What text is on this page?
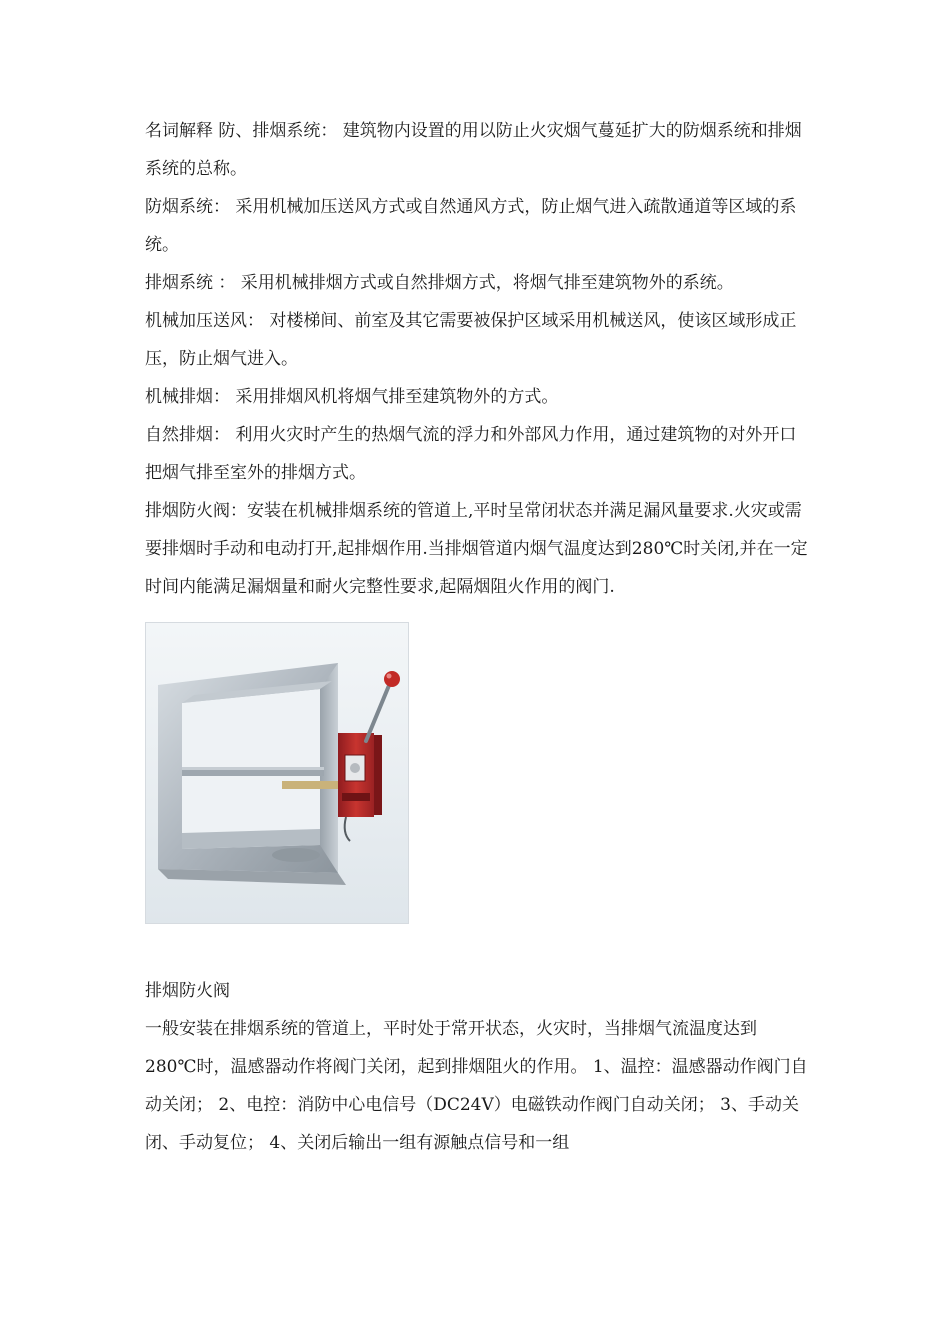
名词解释 防、排烟系统： 建筑物内设置的用以防止火灾烟气蔓延扩大的防烟系统和排烟系统的总称。

防烟系统： 采用机械加压送风方式或自然通风方式，防止烟气进入疏散通道等区域的系统。

排烟系统 ： 采用机械排烟方式或自然排烟方式，将烟气排至建筑物外的系统。

机械加压送风： 对楼梯间、前室及其它需要被保护区域采用机械送风，使该区域形成正压，防止烟气进入。

机械排烟： 采用排烟风机将烟气排至建筑物外的方式。

自然排烟： 利用火灾时产生的热烟气流的浮力和外部风力作用，通过建筑物的对外开口把烟气排至室外的排烟方式。

排烟防火阀：安装在机械排烟系统的管道上,平时呈常闭状态并满足漏风量要求.火灾或需要排烟时手动和电动打开,起排烟作用.当排烟管道内烟气温度达到280℃时关闭,并在一定时间内能满足漏烟量和耐火完整性要求,起隔烟阻火作用的阀门.

排烟防火阀

一般安装在排烟系统的管道上，平时处于常开状态，火灾时，当排烟气流温度达到 280℃时，温感器动作将阀门关闭，起到排烟阻火的作用。 1、温控：温感器动作阀门自动关闭； 2、电控：消防中心电信号（DC24V）电磁铁动作阀门自动关闭； 3、手动关闭、手动复位； 4、关闭后输出一组有源触点信号和一组
